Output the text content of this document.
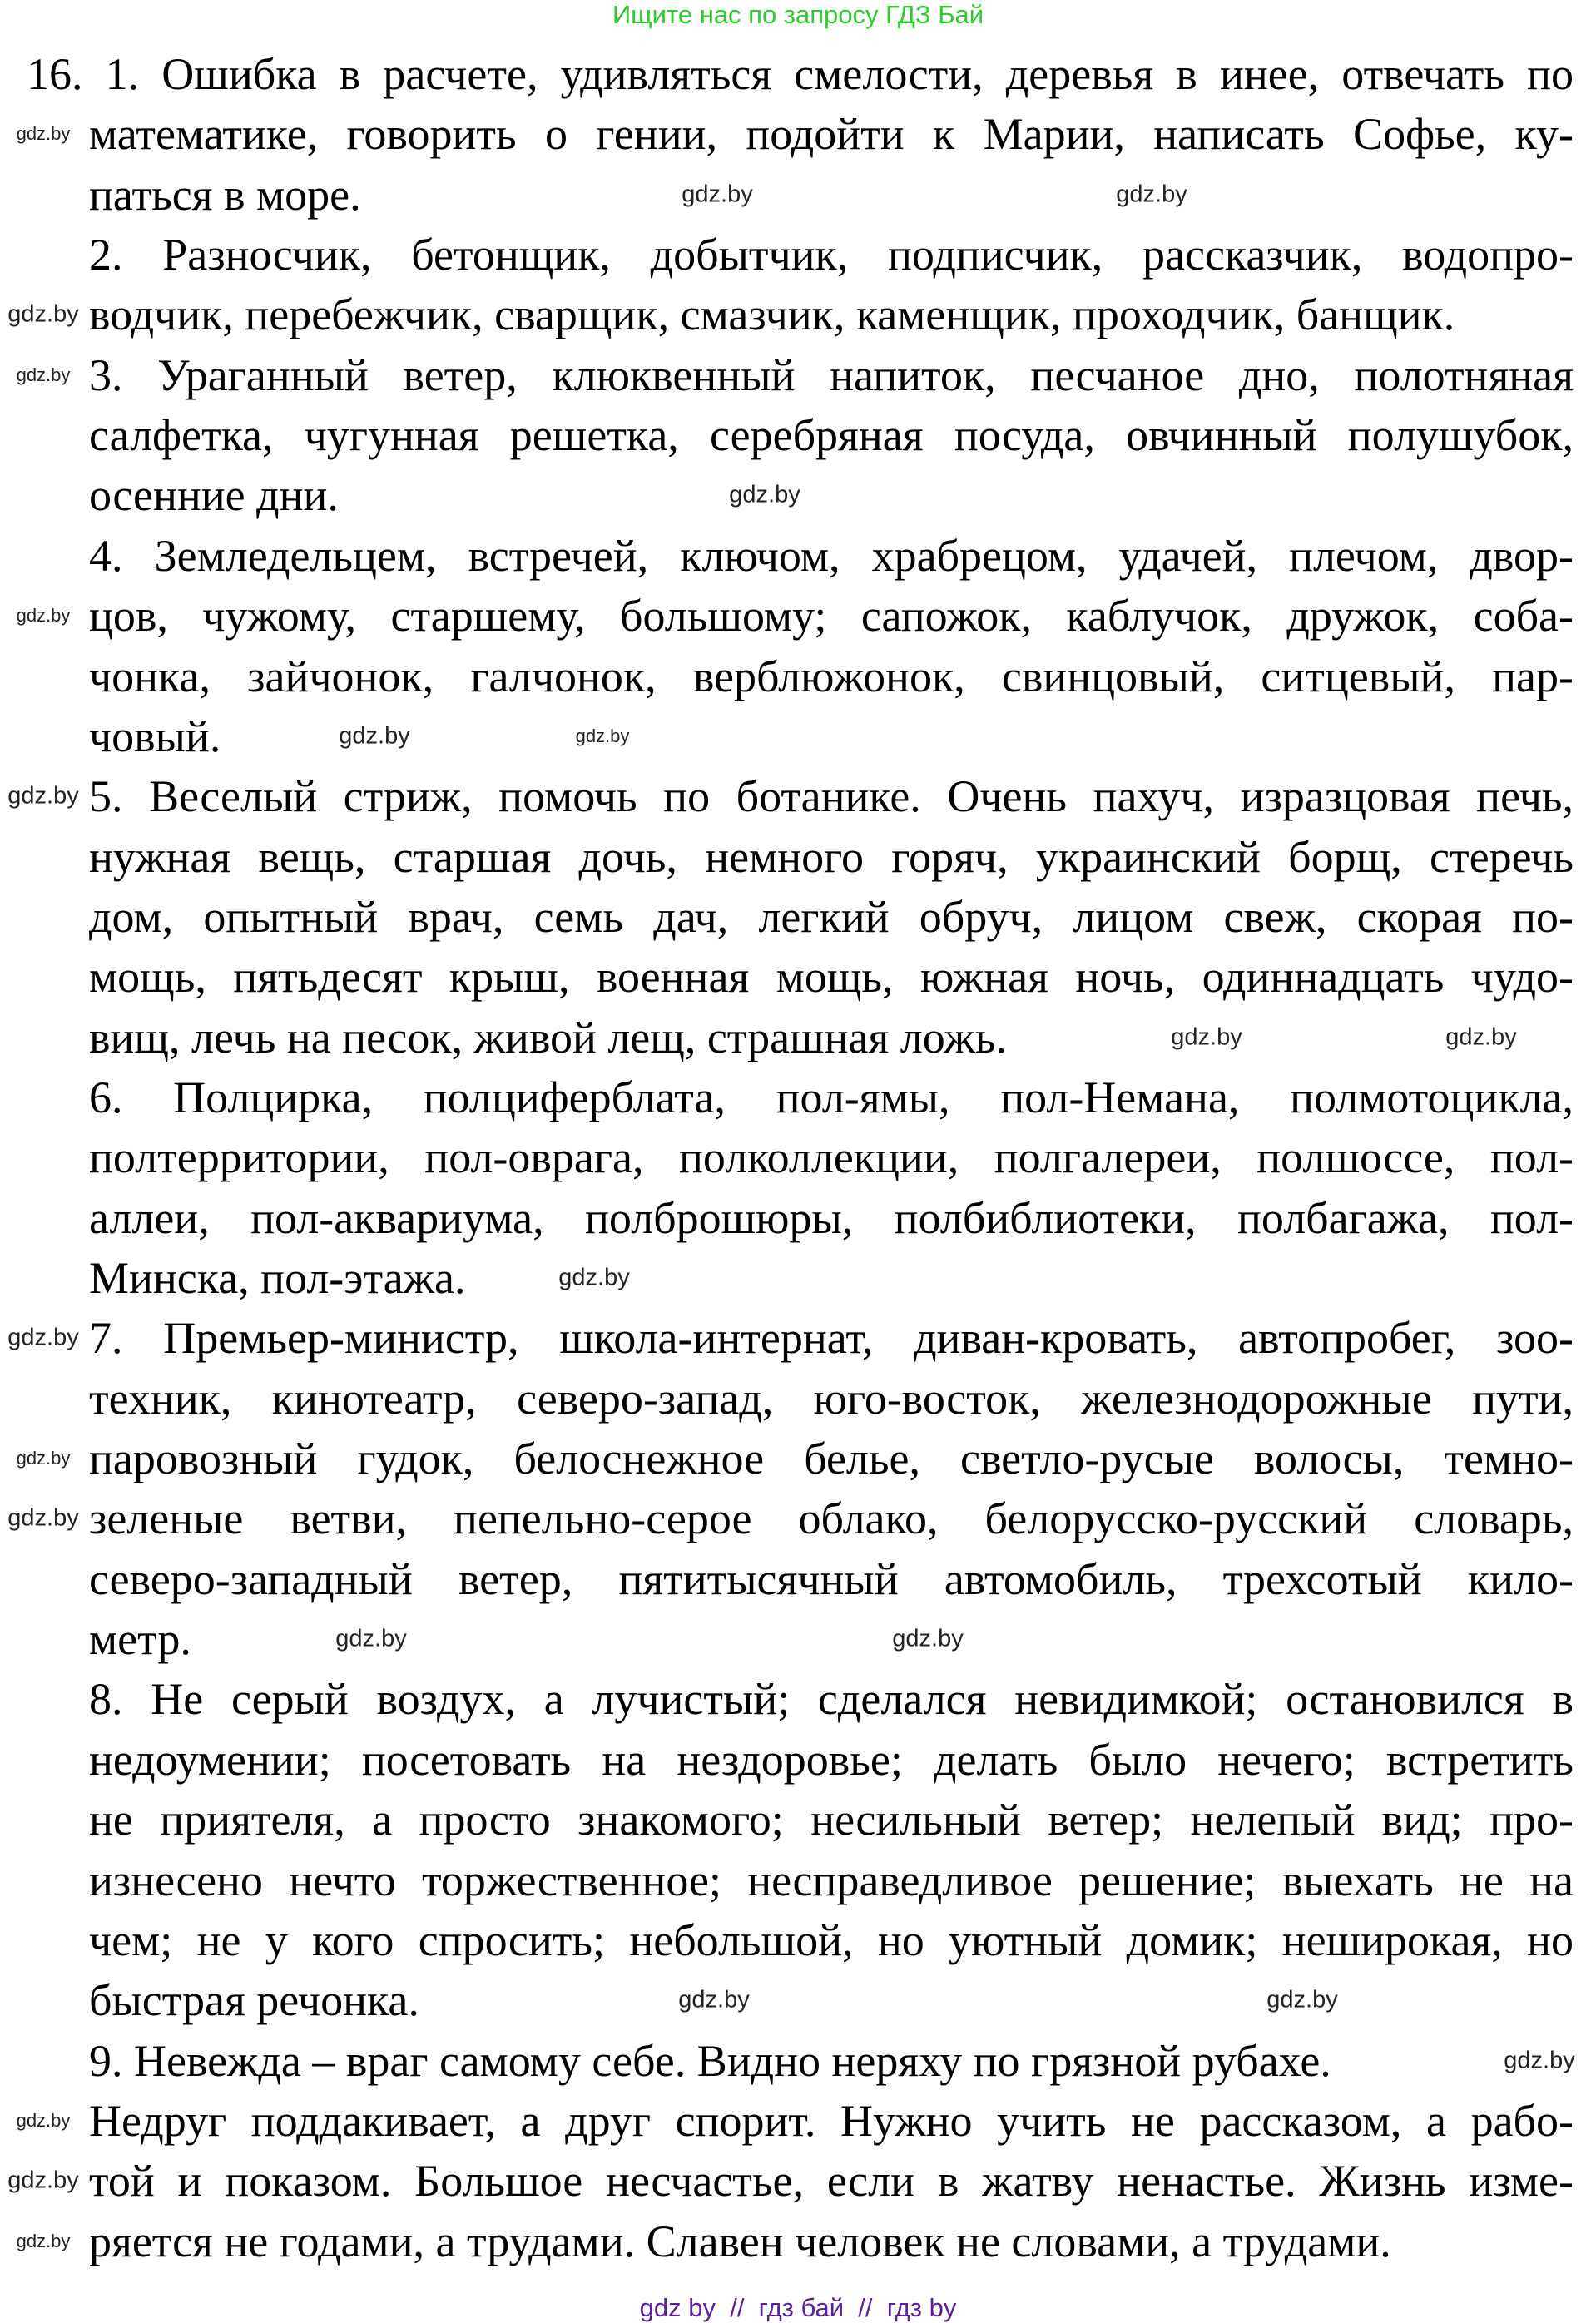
Ищите нас по запросу ГДЗ Бай
16. 1. Ошибка в расчете, удивляться смелости, деревья в инее, отвечать по
математике, говорить о гении, подойти к Марии, написать Софье, ку-
паться в море.
2. Разносчик, бетонщик, добытчик, подписчик, рассказчик, водопро-
водчик, перебежчик, сварщик, смазчик, каменщик, проходчик, банщик.
3. Ураганный ветер, клюквенный напиток, песчаное дно, полотняная
салфетка, чугунная решетка, серебряная посуда, овчинный полушубок,
осенние дни.
4. Земледельцем, встречей, ключом, храбрецом, удачей, плечом, двор-
цов, чужому, старшему, большому; сапожок, каблучок, дружок, соба-
чонка, зайчонок, галчонок, верблюжонок, свинцовый, ситцевый, пар-
човый.
5. Веселый стриж, помочь по ботанике. Очень пахуч, изразцовая печь,
нужная вещь, старшая дочь, немного горяч, украинский борщ, стеречь
дом, опытный врач, семь дач, легкий обруч, лицом свеж, скорая по-
мощь, пятьдесят крыш, военная мощь, южная ночь, одиннадцать чудо-
вищ, лечь на песок, живой лещ, страшная ложь.
6. Полцирка, полциферблата, пол-ямы, пол-Немана, полмотоцикла,
полтерритории, пол-оврага, полколлекции, полгалереи, полшоссе, пол-
аллеи, пол-аквариума, полброшюры, полбиблиотеки, полбагажа, пол-
Минска, пол-этажа.
7. Премьер-министр, школа-интернат, диван-кровать, автопробег, зоо-
техник, кинотеатр, северо-запад, юго-восток, железнодорожные пути,
паровозный гудок, белоснежное белье, светло-русые волосы, темно-
зеленые ветви, пепельно-серое облако, белорусско-русский словарь,
северо-западный ветер, пятитысячный автомобиль, трехсотый кило-
метр.
8. Не серый воздух, а лучистый; сделался невидимкой; остановился в
недоумении; посетовать на нездоровье; делать было нечего; встретить
не приятеля, а просто знакомого; несильный ветер; нелепый вид; про-
изнесено нечто торжественное; несправедливое решение; выехать не на
чем; не у кого спросить; небольшой, но уютный домик; неширокая, но
быстрая речонка.
9. Невежда – враг самому себе. Видно неряху по грязной рубахе.
Недруг поддакивает, а друг спорит. Нужно учить не рассказом, а рабо-
той и показом. Большое несчастье, если в жатву ненастье. Жизнь изме-
ряется не годами, а трудами. Славен человек не словами, а трудами.
gdz.by
gdz.by	gdz.by
gdz.by
gdz.by
gdz.by
gdz.by
gdz.by	gdz.by
gdz.by
gdz.by	gdz.by
gdz.by
gdz.by
gdz.by
gdz.by
gdz.by	gdz.by
gdz.by
gdz.by
gdz.by
gdz.by
gdz.by
gdz.by
gdz by  //  гдз бай  //  гдз by
